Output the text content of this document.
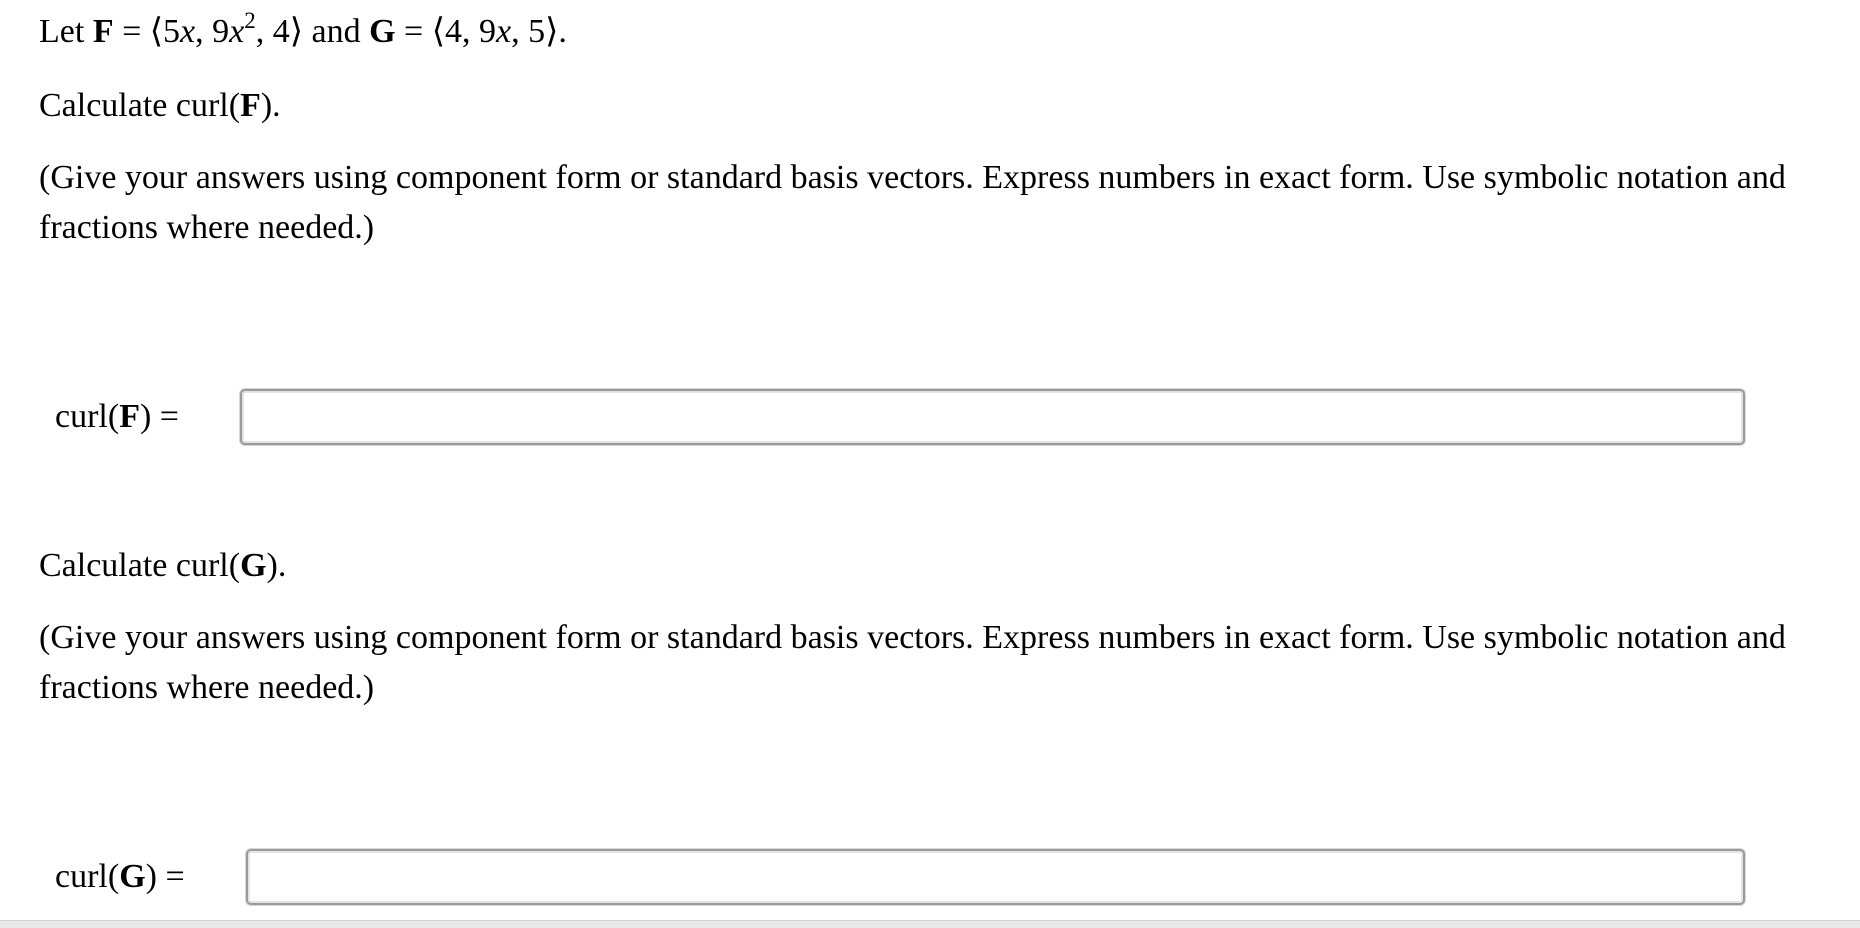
Let F = ⟨5x, $9x^2$, 4⟩ and G = ⟨4, 9x, 5⟩.
Calculate curl(F).
(Give your answers using component form or standard basis vectors. Express numbers in exact form. Use symbolic notation and fractions where needed.)
curl(F) =
Calculate curl(G).
(Give your answers using component form or standard basis vectors. Express numbers in exact form. Use symbolic notation and fractions where needed.)
curl(G) =
